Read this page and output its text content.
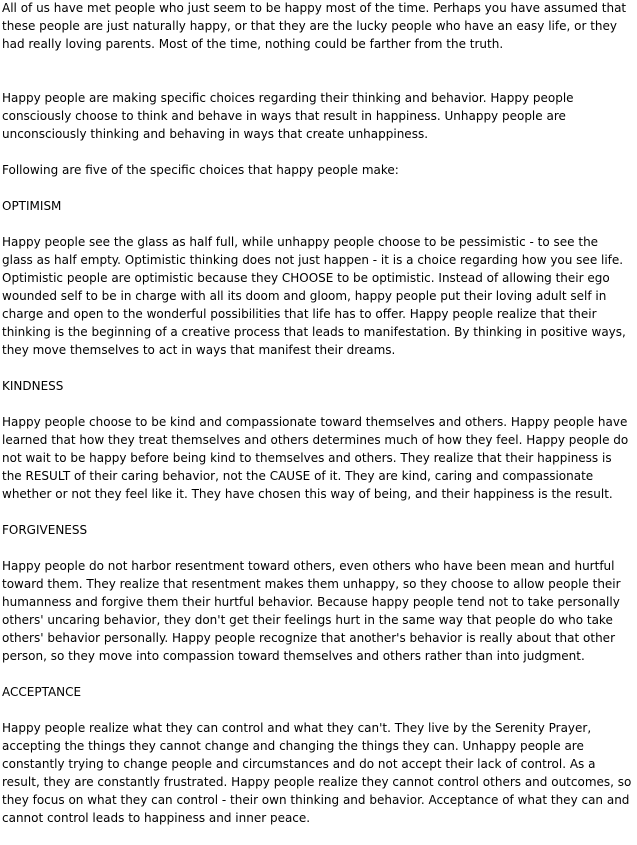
All of us have met people who just seem to be happy most of the time. Perhaps you have assumed that these people are just naturally happy, or that they are the lucky people who have an easy life, or they had really loving parents. Most of the time, nothing could be farther from the truth.

Happy people are making specific choices regarding their thinking and behavior. Happy people consciously choose to think and behave in ways that result in happiness. Unhappy people are unconsciously thinking and behaving in ways that create unhappiness.

Following are five of the specific choices that happy people make:

OPTIMISM

Happy people see the glass as half full, while unhappy people choose to be pessimistic - to see the glass as half empty. Optimistic thinking does not just happen - it is a choice regarding how you see life. Optimistic people are optimistic because they CHOOSE to be optimistic. Instead of allowing their ego wounded self to be in charge with all its doom and gloom, happy people put their loving adult self in charge and open to the wonderful possibilities that life has to offer. Happy people realize that their thinking is the beginning of a creative process that leads to manifestation. By thinking in positive ways, they move themselves to act in ways that manifest their dreams.

KINDNESS

Happy people choose to be kind and compassionate toward themselves and others. Happy people have learned that how they treat themselves and others determines much of how they feel. Happy people do not wait to be happy before being kind to themselves and others. They realize that their happiness is the RESULT of their caring behavior, not the CAUSE of it. They are kind, caring and compassionate whether or not they feel like it. They have chosen this way of being, and their happiness is the result.

FORGIVENESS

Happy people do not harbor resentment toward others, even others who have been mean and hurtful toward them. They realize that resentment makes them unhappy, so they choose to allow people their humanness and forgive them their hurtful behavior. Because happy people tend not to take personally others' uncaring behavior, they don't get their feelings hurt in the same way that people do who take others' behavior personally. Happy people recognize that another's behavior is really about that other person, so they move into compassion toward themselves and others rather than into judgment.

ACCEPTANCE

Happy people realize what they can control and what they can't. They live by the Serenity Prayer, accepting the things they cannot change and changing the things they can. Unhappy people are constantly trying to change people and circumstances and do not accept their lack of control. As a result, they are constantly frustrated. Happy people realize they cannot control others and outcomes, so they focus on what they can control - their own thinking and behavior. Acceptance of what they can and cannot control leads to happiness and inner peace.
